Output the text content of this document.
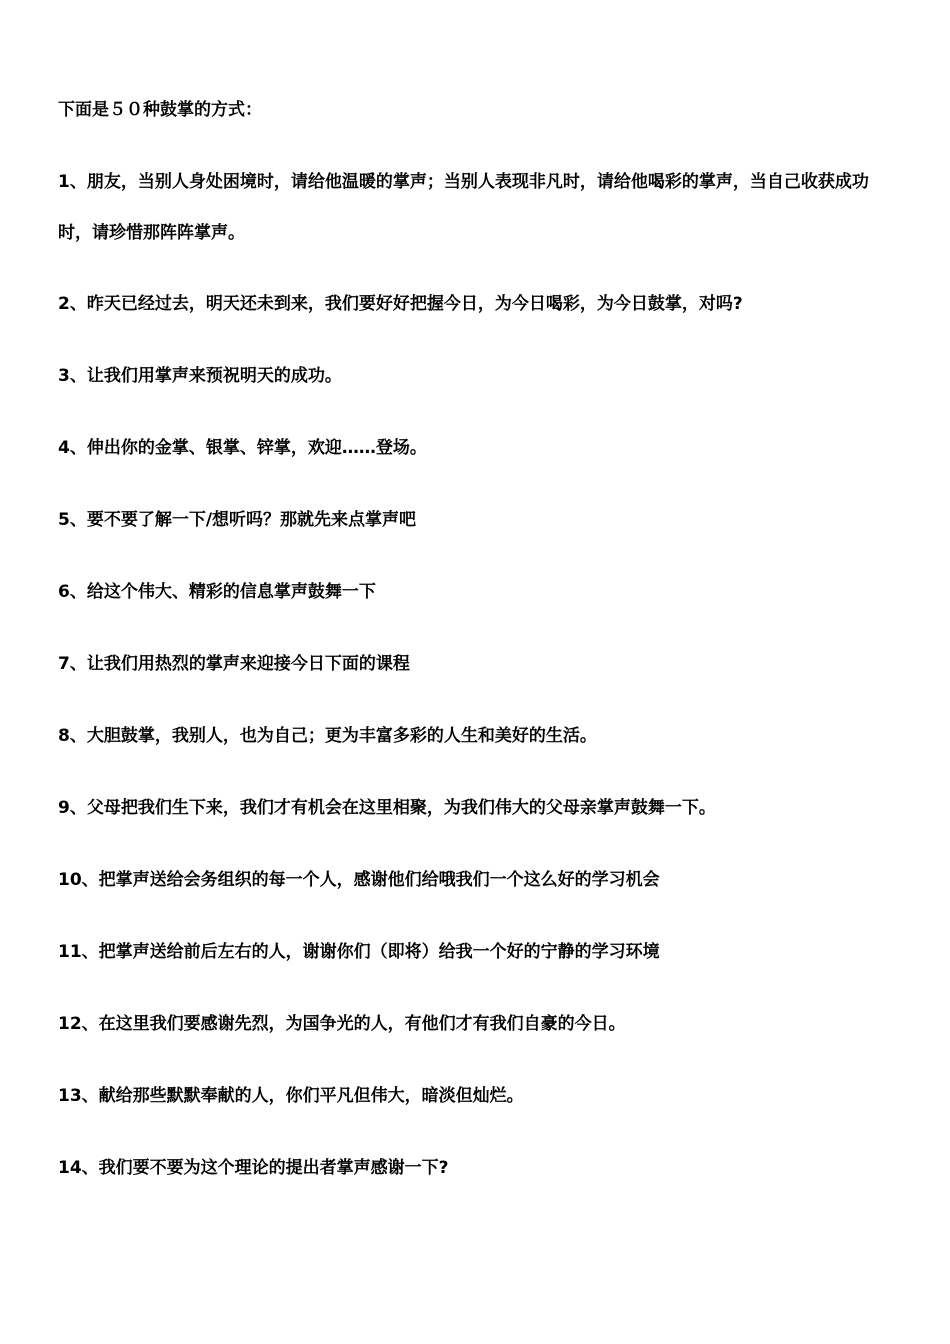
下面是５０种鼓掌的方式：

1、朋友，当别人身处困境时，请给他温暖的掌声；当别人表现非凡时，请给他喝彩的掌声，当自己收获成功时，请珍惜那阵阵掌声。

2、昨天已经过去，明天还未到来，我们要好好把握今日，为今日喝彩，为今日鼓掌，对吗?

3、让我们用掌声来预祝明天的成功。

4、伸出你的金掌、银掌、锌掌，欢迎……登场。

5、要不要了解一下/想听吗？那就先来点掌声吧

6、给这个伟大、精彩的信息掌声鼓舞一下

7、让我们用热烈的掌声来迎接今日下面的课程

8、大胆鼓掌，我别人，也为自己；更为丰富多彩的人生和美好的生活。

9、父母把我们生下来，我们才有机会在这里相聚，为我们伟大的父母亲掌声鼓舞一下。

10、把掌声送给会务组织的每一个人，感谢他们给哦我们一个这么好的学习机会

11、把掌声送给前后左右的人，谢谢你们（即将）给我一个好的宁静的学习环境

12、在这里我们要感谢先烈，为国争光的人，有他们才有我们自豪的今日。

13、献给那些默默奉献的人，你们平凡但伟大，暗淡但灿烂。

14、我们要不要为这个理论的提出者掌声感谢一下?
